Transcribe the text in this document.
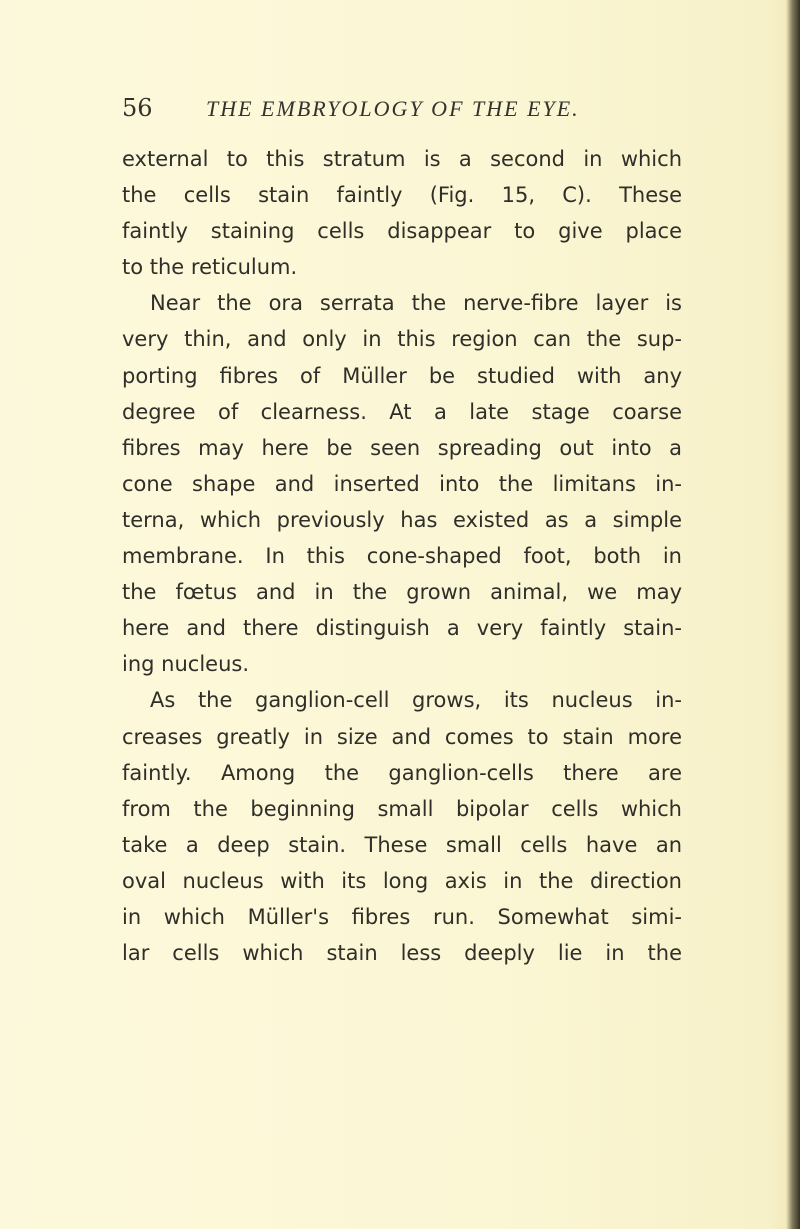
56 THE EMBRYOLOGY OF THE EYE.
external to this stratum is a second in which
the cells stain faintly (Fig. 15, C). These
faintly staining cells disappear to give place
to the reticulum.
Near the ora serrata the nerve-fibre layer is
very thin, and only in this region can the sup-
porting fibres of Müller be studied with any
degree of clearness. At a late stage coarse
fibres may here be seen spreading out into a
cone shape and inserted into the limitans in-
terna, which previously has existed as a simple
membrane. In this cone-shaped foot, both in
the fœtus and in the grown animal, we may
here and there distinguish a very faintly stain-
ing nucleus.
As the ganglion-cell grows, its nucleus in-
creases greatly in size and comes to stain more
faintly. Among the ganglion-cells there are
from the beginning small bipolar cells which
take a deep stain. These small cells have an
oval nucleus with its long axis in the direction
in which Müller's fibres run. Somewhat simi-
lar cells which stain less deeply lie in the
